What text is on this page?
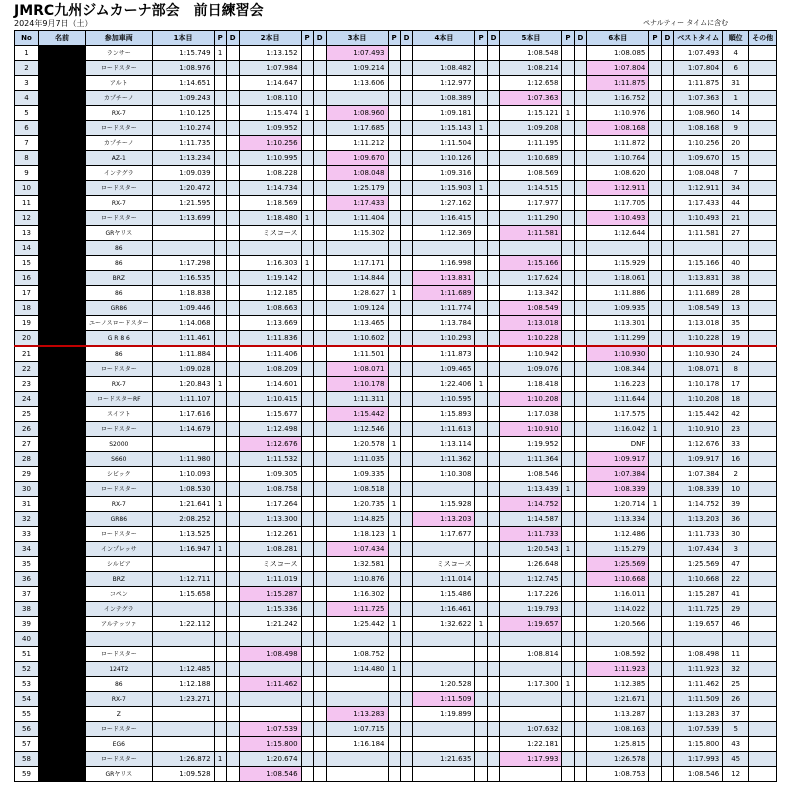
JMRC九州ジムカーナ部会　前日練習会
2024年9月7日（土）	ペナルティー タイムに含む
No	名前	参加車両	1本目	P	D	2本目	P	D	3本目	P	D	4本目	P	D	5本目	P	D	6本目	P	D	ベストタイム	順位	その他
1		ランサー	1:15.749	1		1:13.152			1:07.493						1:08.548			1:08.085			1:07.493	4	
2		ロードスター	1:08.976			1:07.984			1:09.214			1:08.482			1:08.214			1:07.804			1:07.804	6	
3		アルト	1:14.651			1:14.647			1:13.606			1:12.977			1:12.658			1:11.875			1:11.875	31	
4		カプチーノ	1:09.243			1:08.110						1:08.389			1:07.363			1:16.752			1:07.363	1	
5		RX-7	1:10.125			1:15.474	1		1:08.960			1:09.181			1:15.121	1		1:10.976			1:08.960	14	
6		ロードスター	1:10.274			1:09.952			1:17.685			1:15.143	1		1:09.208			1:08.168			1:08.168	9	
7		カプチーノ	1:11.735			1:10.256			1:11.212			1:11.504			1:11.195			1:11.872			1:10.256	20	
8		AZ-1	1:13.234			1:10.995			1:09.670			1:10.126			1:10.689			1:10.764			1:09.670	15	
9		インテグラ	1:09.039			1:08.228			1:08.048			1:09.316			1:08.569			1:08.620			1:08.048	7	
10		ロードスター	1:20.472			1:14.734			1:25.179			1:15.903	1		1:14.515			1:12.911			1:12.911	34	
11		RX-7	1:21.595			1:18.569			1:17.433			1:27.162			1:17.977			1:17.705			1:17.433	44	
12		ロードスター	1:13.699			1:18.480	1		1:11.404			1:16.415			1:11.290			1:10.493			1:10.493	21	
13		GRヤリス				ミスコース			1:15.302			1:12.369			1:11.581			1:12.644			1:11.581	27	
14		86																					
15		86	1:17.298			1:16.303	1		1:17.171			1:16.998			1:15.166			1:15.929			1:15.166	40	
16		BRZ	1:16.535			1:19.142			1:14.844			1:13.831			1:17.624			1:18.061			1:13.831	38	
17		86	1:18.838			1:12.185			1:28.627	1		1:11.689			1:13.342			1:11.886			1:11.689	28	
18		GR86	1:09.446			1:08.663			1:09.124			1:11.774			1:08.549			1:09.935			1:08.549	13	
19		ユーノスロードスター	1:14.068			1:13.669			1:13.465			1:13.784			1:13.018			1:13.301			1:13.018	35	
20		G R 8 6	1:11.461			1:11.836			1:10.602			1:10.293			1:10.228			1:11.299			1:10.228	19	
21		86	1:11.884			1:11.406			1:11.501			1:11.873			1:10.942			1:10.930			1:10.930	24	
22		ロードスター	1:09.028			1:08.209			1:08.071			1:09.465			1:09.076			1:08.344			1:08.071	8	
23		RX-7	1:20.843	1		1:14.601			1:10.178			1:22.406	1		1:18.418			1:16.223			1:10.178	17	
24		ロードスターRF	1:11.107			1:10.415			1:11.311			1:10.595			1:10.208			1:11.644			1:10.208	18	
25		スイフト	1:17.616			1:15.677			1:15.442			1:15.893			1:17.038			1:17.575			1:15.442	42	
26		ロードスター	1:14.679			1:12.498			1:12.546			1:11.613			1:10.910			1:16.042	1		1:10.910	23	
27		S2000				1:12.676			1:20.578	1		1:13.114			1:19.952			DNF			1:12.676	33	
28		S660	1:11.980			1:11.532			1:11.035			1:11.362			1:11.364			1:09.917			1:09.917	16	
29		シビック	1:10.093			1:09.305			1:09.335			1:10.308			1:08.546			1:07.384			1:07.384	2	
30		ロードスター	1:08.530			1:08.758			1:08.518						1:13.439	1		1:08.339			1:08.339	10	
31		RX-7	1:21.641	1		1:17.264			1:20.735	1		1:15.928			1:14.752			1:20.714	1		1:14.752	39	
32		GR86	2:08.252			1:13.300			1:14.825			1:13.203			1:14.587			1:13.334			1:13.203	36	
33		ロードスター	1:13.525			1:12.261			1:18.123	1		1:17.677			1:11.733			1:12.486			1:11.733	30	
34		インプレッサ	1:16.947	1		1:08.281			1:07.434						1:20.543	1		1:15.279			1:07.434	3	
35		シルビア				ミスコース			1:32.581			ミスコース			1:26.648			1:25.569			1:25.569	47	
36		BRZ	1:12.711			1:11.019			1:10.876			1:11.014			1:12.745			1:10.668			1:10.668	22	
37		コペン	1:15.658			1:15.287			1:16.302			1:15.486			1:17.226			1:16.011			1:15.287	41	
38		インテグラ				1:15.336			1:11.725			1:16.461			1:19.793			1:14.022			1:11.725	29	
39		アルテッツァ	1:22.112			1:21.242			1:25.442	1		1:32.622	1		1:19.657			1:20.566			1:19.657	46	
40																							
51		ロードスター				1:08.498			1:08.752						1:08.814			1:08.592			1:08.498	11	
52		124T2	1:12.485						1:14.480	1								1:11.923			1:11.923	32	
53		86	1:12.188			1:11.462						1:20.528			1:17.300	1		1:12.385			1:11.462	25	
54		RX-7	1:23.271									1:11.509						1:21.671			1:11.509	26	
55		Z							1:13.283			1:19.899						1:13.287			1:13.283	37	
56		ロードスター				1:07.539			1:07.715						1:07.632			1:08.163			1:07.539	5	
57		EG6				1:15.800			1:16.184						1:22.181			1:25.815			1:15.800	43	
58		ロードスター	1:26.872	1		1:20.674						1:21.635			1:17.993			1:26.578			1:17.993	45	
59		GRヤリス	1:09.528			1:08.546												1:08.753			1:08.546	12	
